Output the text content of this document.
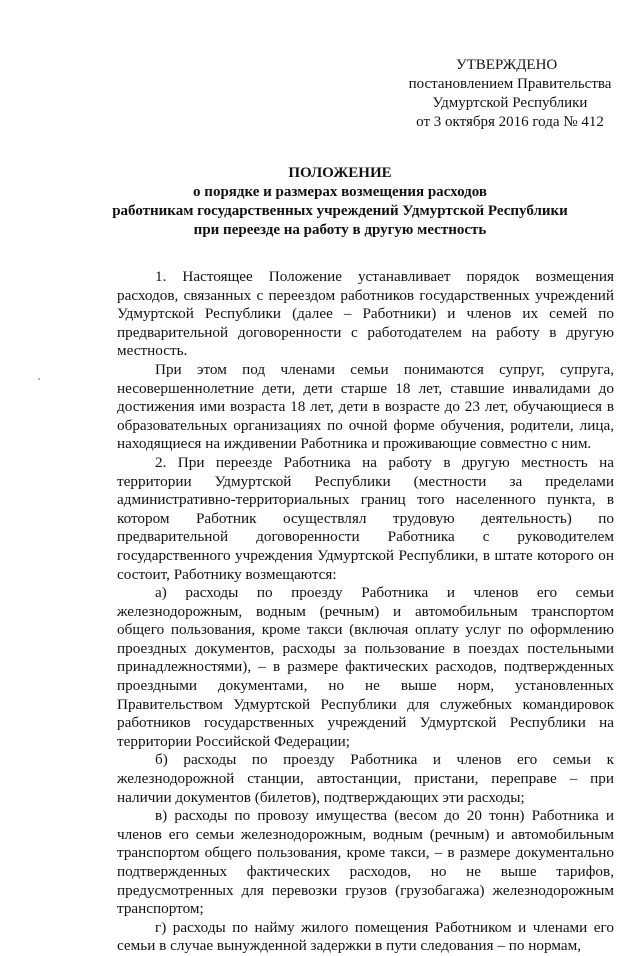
УТВЕРЖДЕНО
постановлением Правительства
Удмуртской Республики
от 3 октября 2016 года № 412
ПОЛОЖЕНИЕ
о порядке и размерах возмещения расходов
работникам государственных учреждений Удмуртской Республики
при переезде на работу в другую местность

1. Настоящее Положение устанавливает порядок возмещения расходов, связанных с переездом работников государственных учреждений Удмуртской Республики (далее – Работники) и членов их семей по предварительной договоренности с работодателем на работу в другую местность.

При этом под членами семьи понимаются супруг, супруга, несовершеннолетние дети, дети старше 18 лет, ставшие инвалидами до достижения ими возраста 18 лет, дети в возрасте до 23 лет, обучающиеся в образовательных организациях по очной форме обучения, родители, лица, находящиеся на иждивении Работника и проживающие совместно с ним.

2. При переезде Работника на работу в другую местность на территории Удмуртской Республики (местности за пределами административно-территориальных границ того населенного пункта, в котором Работник осуществлял трудовую деятельность) по предварительной договоренности Работника с руководителем государственного учреждения Удмуртской Республики, в штате которого он состоит, Работнику возмещаются:

а) расходы по проезду Работника и членов его семьи железнодорожным, водным (речным) и автомобильным транспортом общего пользования, кроме такси (включая оплату услуг по оформлению проездных документов, расходы за пользование в поездах постельными принадлежностями), – в размере фактических расходов, подтвержденных проездными документами, но не выше норм, установленных Правительством Удмуртской Республики для служебных командировок работников государственных учреждений Удмуртской Республики на территории Российской Федерации;

б) расходы по проезду Работника и членов его семьи к железнодорожной станции, автостанции, пристани, переправе – при наличии документов (билетов), подтверждающих эти расходы;

в) расходы по провозу имущества (весом до 20 тонн) Работника и членов его семьи железнодорожным, водным (речным) и автомобильным транспортом общего пользования, кроме такси, – в размере документально подтвержденных фактических расходов, но не выше тарифов, предусмотренных для перевозки грузов (грузобагажа) железнодорожным транспортом;

г) расходы по найму жилого помещения Работником и членами его семьи в случае вынужденной задержки в пути следования – по нормам,
